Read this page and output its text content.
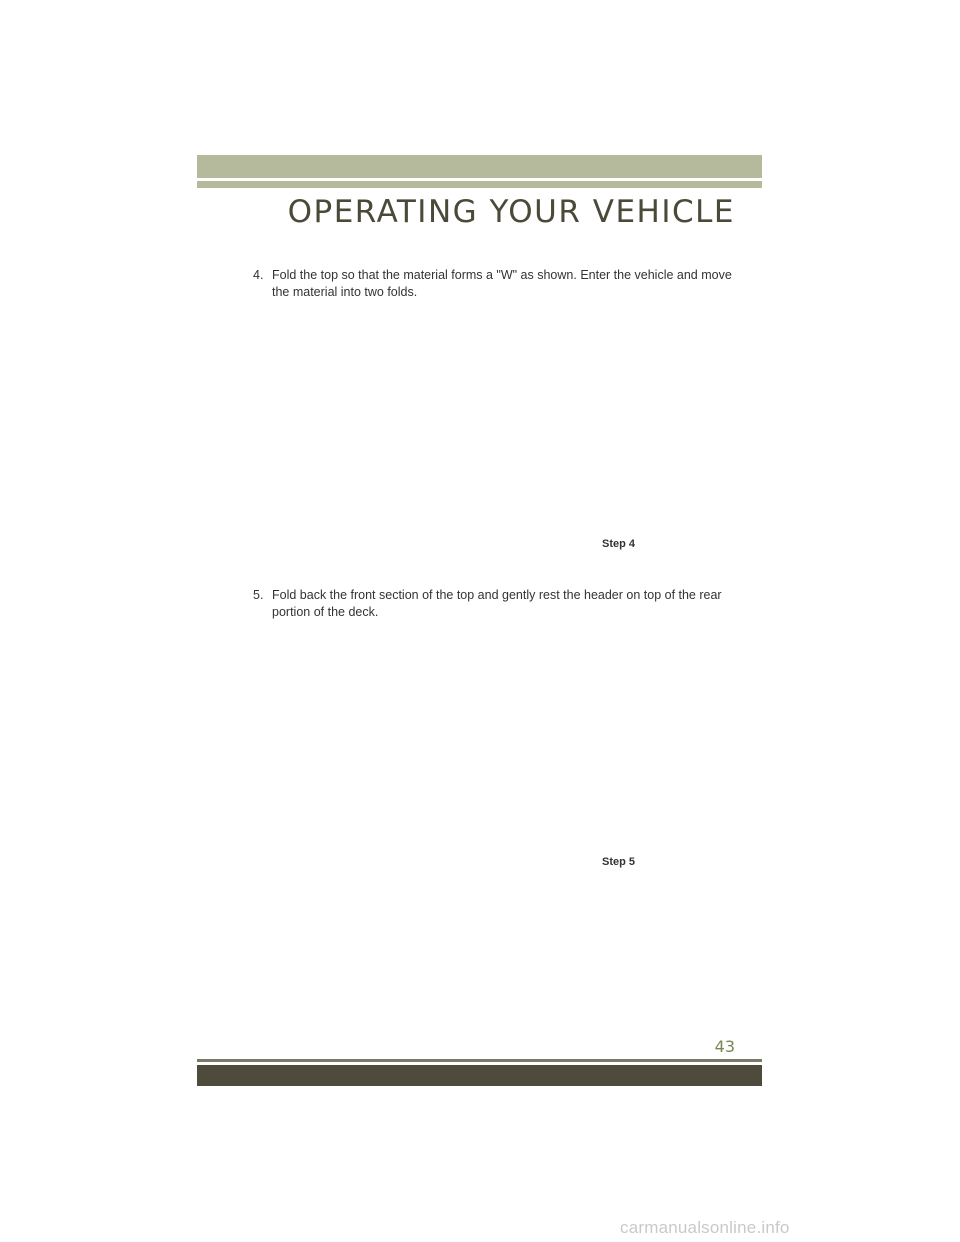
OPERATING YOUR VEHICLE
4. Fold the top so that the material forms a "W" as shown. Enter the vehicle and move
the material into two folds.
Step 4
5. Fold back the front section of the top and gently rest the header on top of the rear
portion of the deck.
Step 5
43
carmanualsonline.info
